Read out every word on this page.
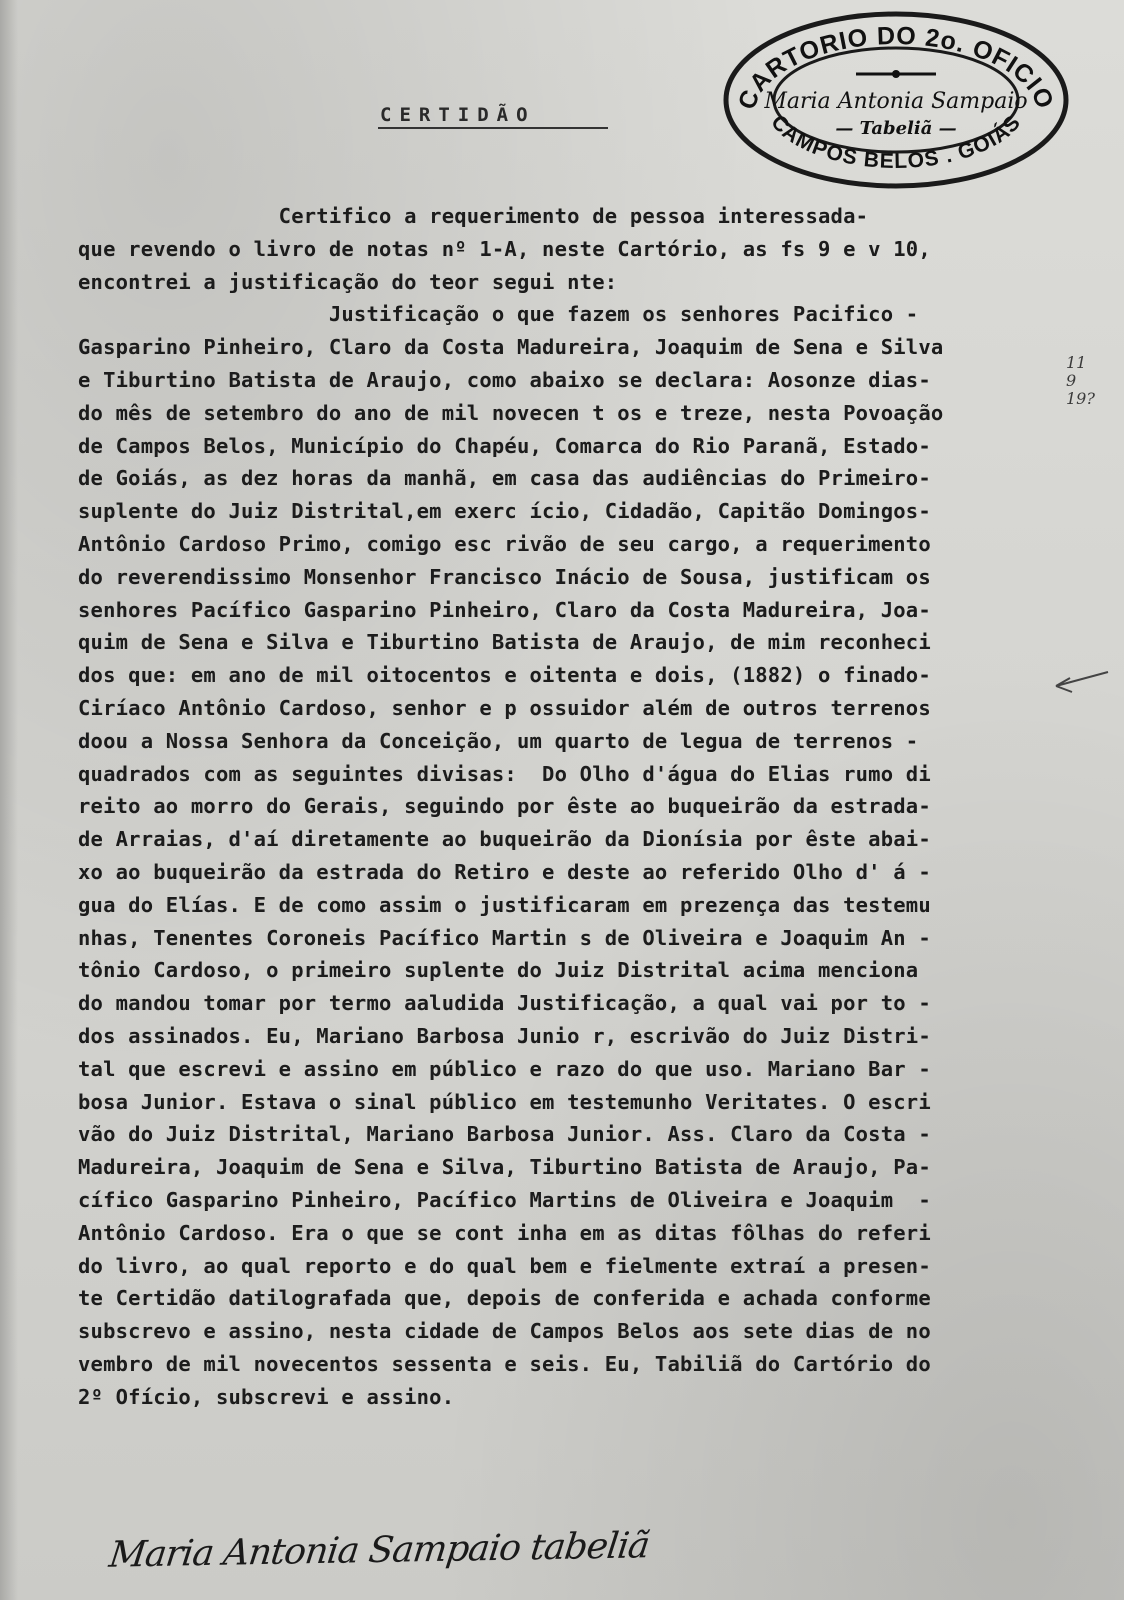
CARTORIO DO 2o. OFICIO
CAMPOS BELOS . GOIÁS
Maria Antonia Sampaio
— Tabeliã —
CERTIDÃO
Certifico a requerimento de pessoa interessada-
que revendo o livro de notas nº 1-A, neste Cartório, as fs 9 e v 10,
encontrei a justificação do teor segui nte:
Justificação o que fazem os senhores Pacifico -
Gasparino Pinheiro, Claro da Costa Madureira, Joaquim de Sena e Silva
e Tiburtino Batista de Araujo, como abaixo se declara: Aosonze dias-
do mês de setembro do ano de mil novecen t os e treze, nesta Povoação
de Campos Belos, Município do Chapéu, Comarca do Rio Paranã, Estado-
de Goiás, as dez horas da manhã, em casa das audiências do Primeiro-
suplente do Juiz Distrital,em exerc ício, Cidadão, Capitão Domingos-
Antônio Cardoso Primo, comigo esc rivão de seu cargo, a requerimento
do reverendissimo Monsenhor Francisco Inácio de Sousa, justificam os
senhores Pacífico Gasparino Pinheiro, Claro da Costa Madureira, Joa-
quim de Sena e Silva e Tiburtino Batista de Araujo, de mim reconheci
dos que: em ano de mil oitocentos e oitenta e dois, (1882) o finado-
Ciríaco Antônio Cardoso, senhor e p ossuidor além de outros terrenos
doou a Nossa Senhora da Conceição, um quarto de legua de terrenos -
quadrados com as seguintes divisas:  Do Olho d'água do Elias rumo di
reito ao morro do Gerais, seguindo por êste ao buqueirão da estrada-
de Arraias, d'aí diretamente ao buqueirão da Dionísia por êste abai-
xo ao buqueirão da estrada do Retiro e deste ao referido Olho d' á -
gua do Elías. E de como assim o justificaram em prezença das testemu
nhas, Tenentes Coroneis Pacífico Martin s de Oliveira e Joaquim An -
tônio Cardoso, o primeiro suplente do Juiz Distrital acima menciona
do mandou tomar por termo aaludida Justificação, a qual vai por to -
dos assinados. Eu, Mariano Barbosa Junio r, escrivão do Juiz Distri-
tal que escrevi e assino em público e razo do que uso. Mariano Bar -
bosa Junior. Estava o sinal público em testemunho Veritates. O escri
vão do Juiz Distrital, Mariano Barbosa Junior. Ass. Claro da Costa -
Madureira, Joaquim de Sena e Silva, Tiburtino Batista de Araujo, Pa-
cífico Gasparino Pinheiro, Pacífico Martins de Oliveira e Joaquim  -
Antônio Cardoso. Era o que se cont inha em as ditas fôlhas do referi
do livro, ao qual reporto e do qual bem e fielmente extraí a presen-
te Certidão datilografada que, depois de conferida e achada conforme
subscrevo e assino, nesta cidade de Campos Belos aos sete dias de no
vembro de mil novecentos sessenta e seis. Eu, Tabiliã do Cartório do
2º Ofício, subscrevi e assino.
11
9
19?
Maria Antonia Sampaio tabeliã
